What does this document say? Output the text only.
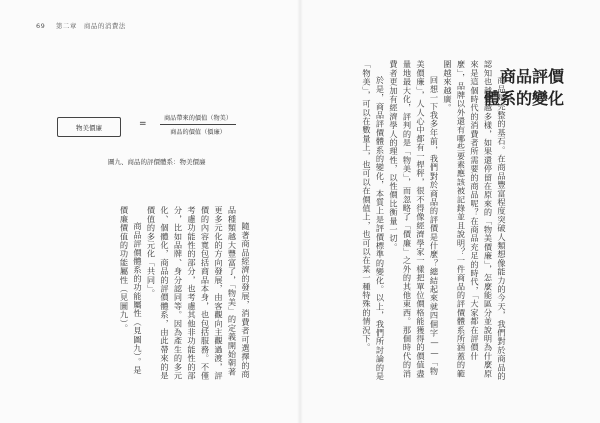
69 第二章　商品的消費法
物美價廉	=
商品帶來的價值（物美）
商品的價值（價廉）
圖九、商品的評價體系：物美價廉

隨著商品經濟的發展，消費者可選擇的商品種類越大豐富了，「物美」的定義開始朝著更多元化的方向發展，由客觀向主觀過渡，評價的內容寬包括商品本身，也包括服務。不僅考慮功能性的部分，也考慮其他非功能性的部分，比如品牌、身分認同等。因為產生的多元化、個體化，商品的評價體系，由此帶來的是價值的多元化「共同」。

商品評價體系的功能屬性（見圖九）。是價廉價值的功能屬性（見圖九）。

商品評價
體系的變化

商品是完整的基石。在商品豐富程度突破人類想像能力的今天，我們對於商品的認知也越來越多樣，如果還停留在原來的「物美價廉」，怎麼能區分並說明為什麼原來是這個時代的消費者所需要的商品呢？在商品充足的時代，「大家都在評價什麼」，品牌以外還有哪些要素應該被記錄並且說明？一件商品的評價體系所涵蓋的範圍越來越廣。

回想一下我多年前，我們對於商品的評價是什麼？總結起來就四個字——「物美價廉」，人人心中都有一桿秤，很不得像經濟學家一樣把單位價格能獲得的價值盡量地最大化，評判的是「物美」，而忽略了「價廉」之外的其他東西。那個時代的消費者更加有經濟學人的理性，以性價比衡量一切。

於是，商品評價體系的變化，本質上是評價標準的變化。以上，我們所討論的是「物美」，可以在數量上，也可以在價值上，也可以在某一種特殊的情況下。
